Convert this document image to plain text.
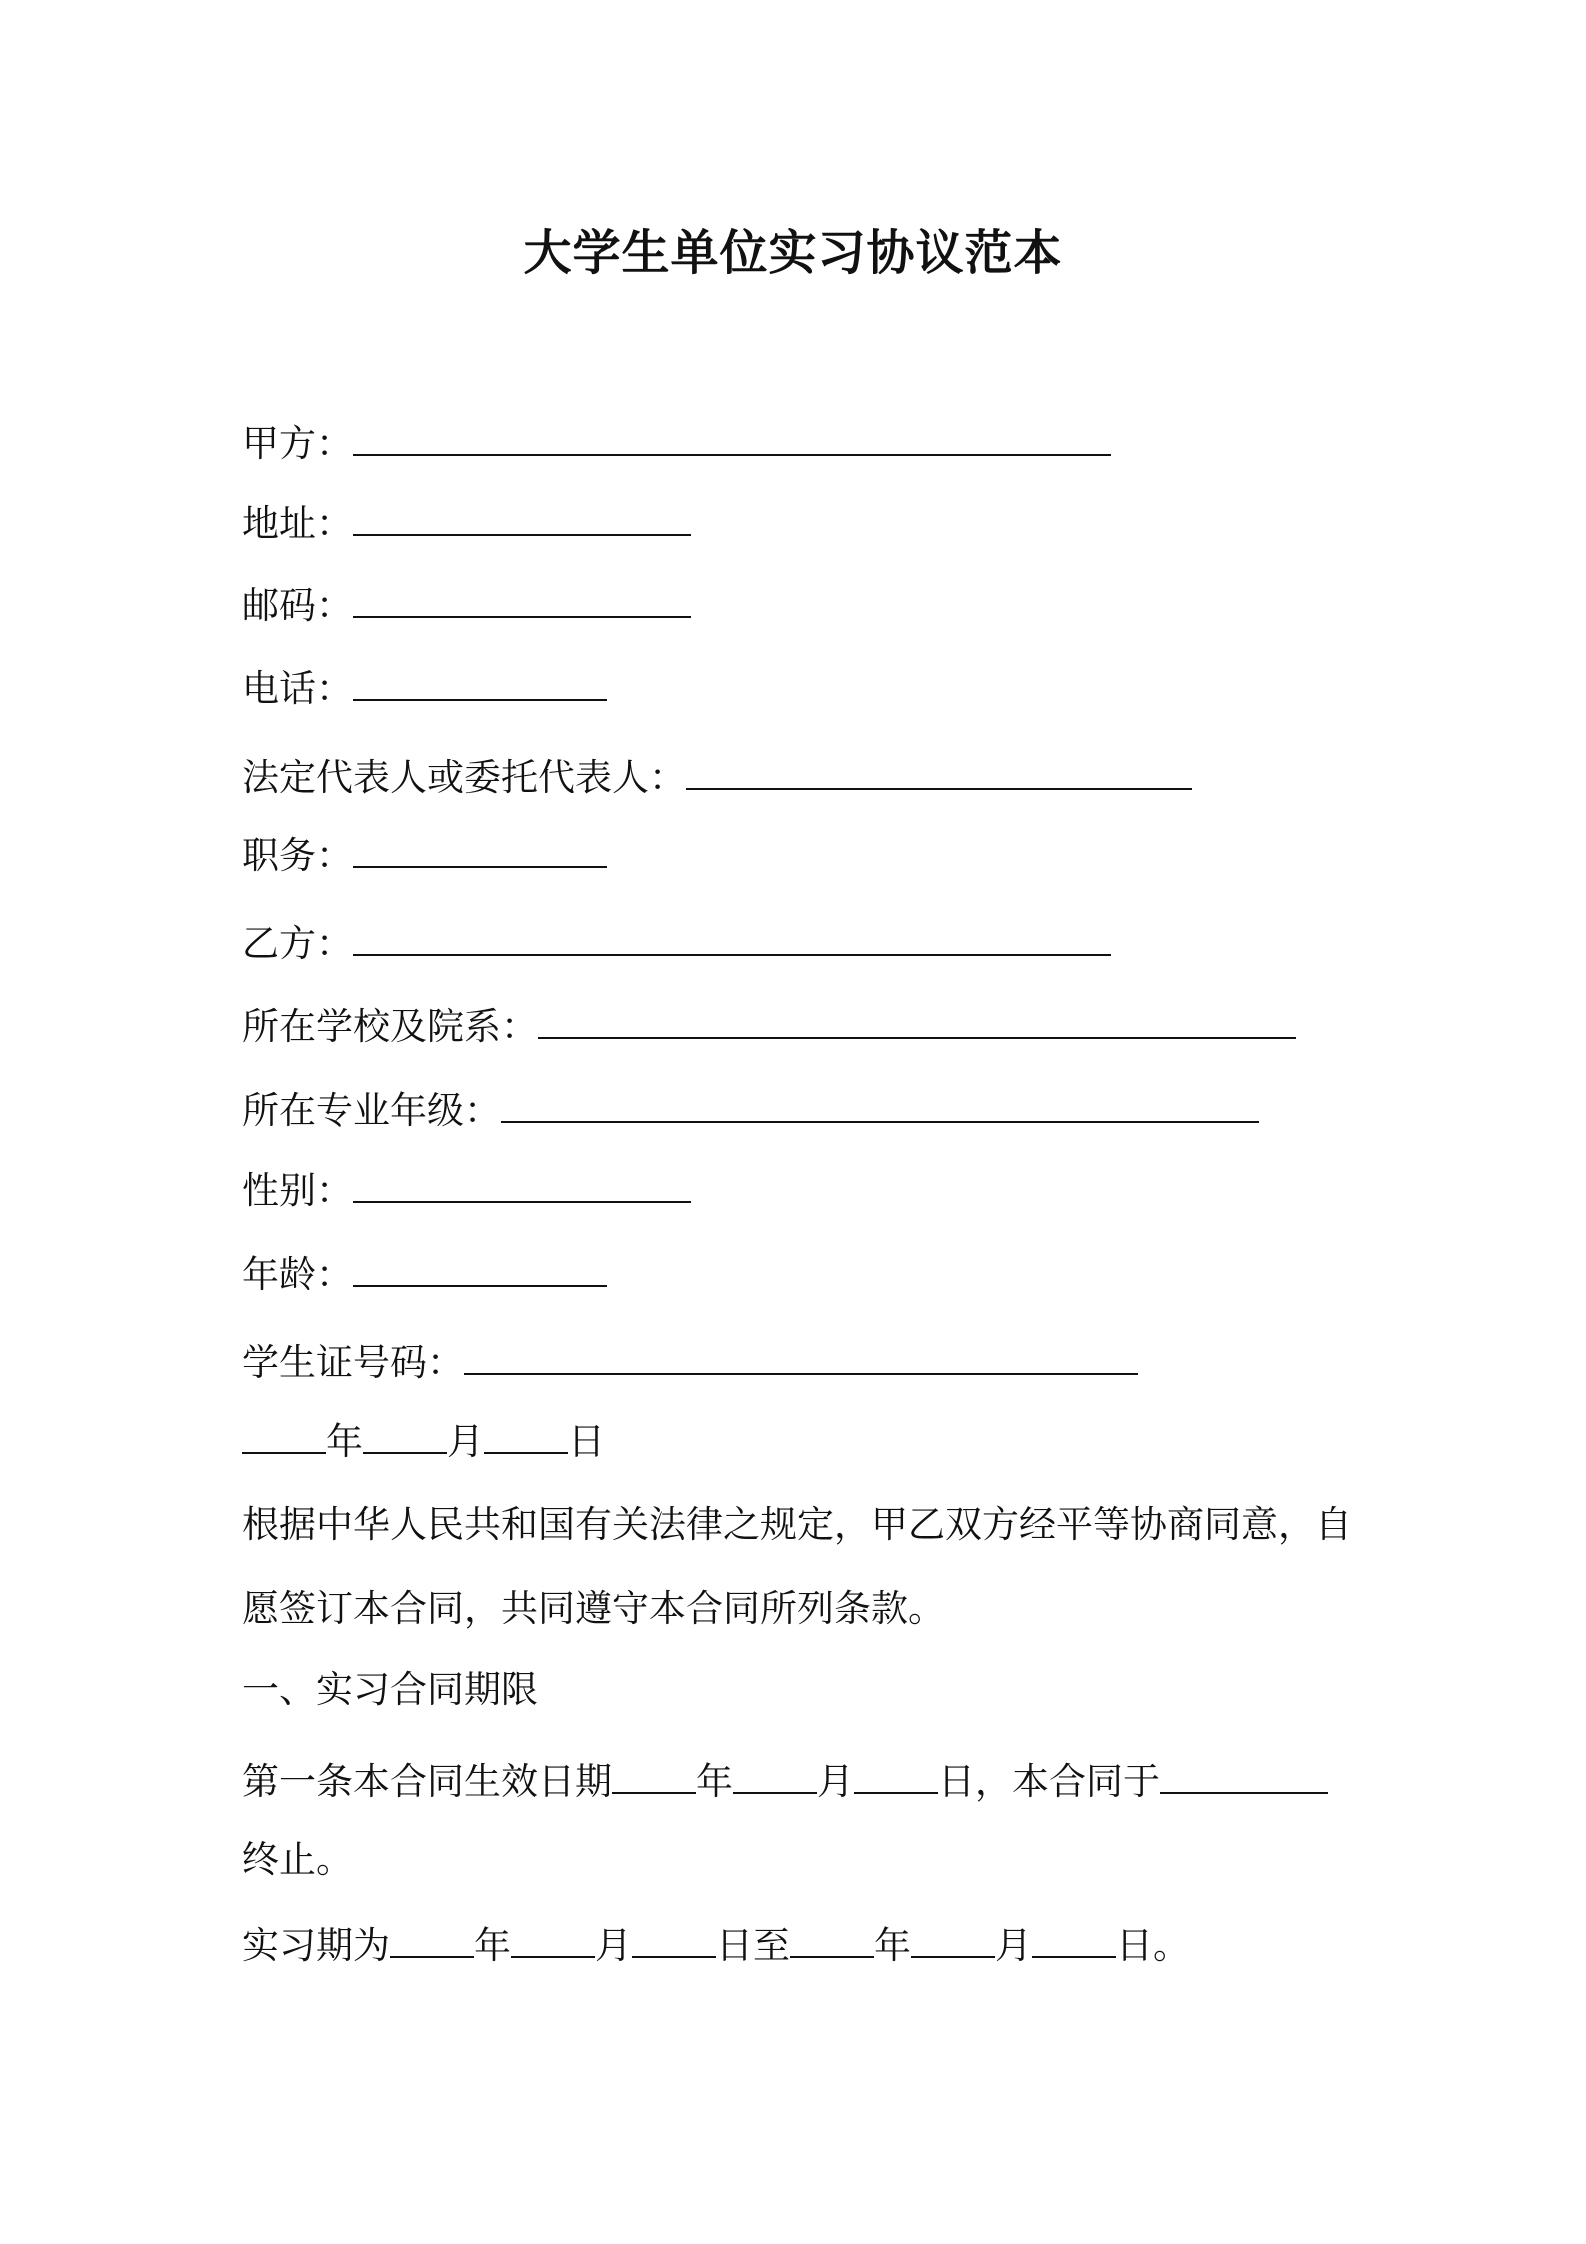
大学生单位实习协议范本

甲方：

地址：

邮码：

电话：

法定代表人或委托代表人：

职务：

乙方：

所在学校及院系：

所在专业年级：

性别：

年龄：

学生证号码：

年 月 日

根据中华人民共和国有关法律之规定，甲乙双方经平等协商同意，自

愿签订本合同，共同遵守本合同所列条款。

一、实习合同期限

第一条本合同生效日期 年 月 日，本合同于

终止。

实习期为 年 月 日至 年 月 日。
